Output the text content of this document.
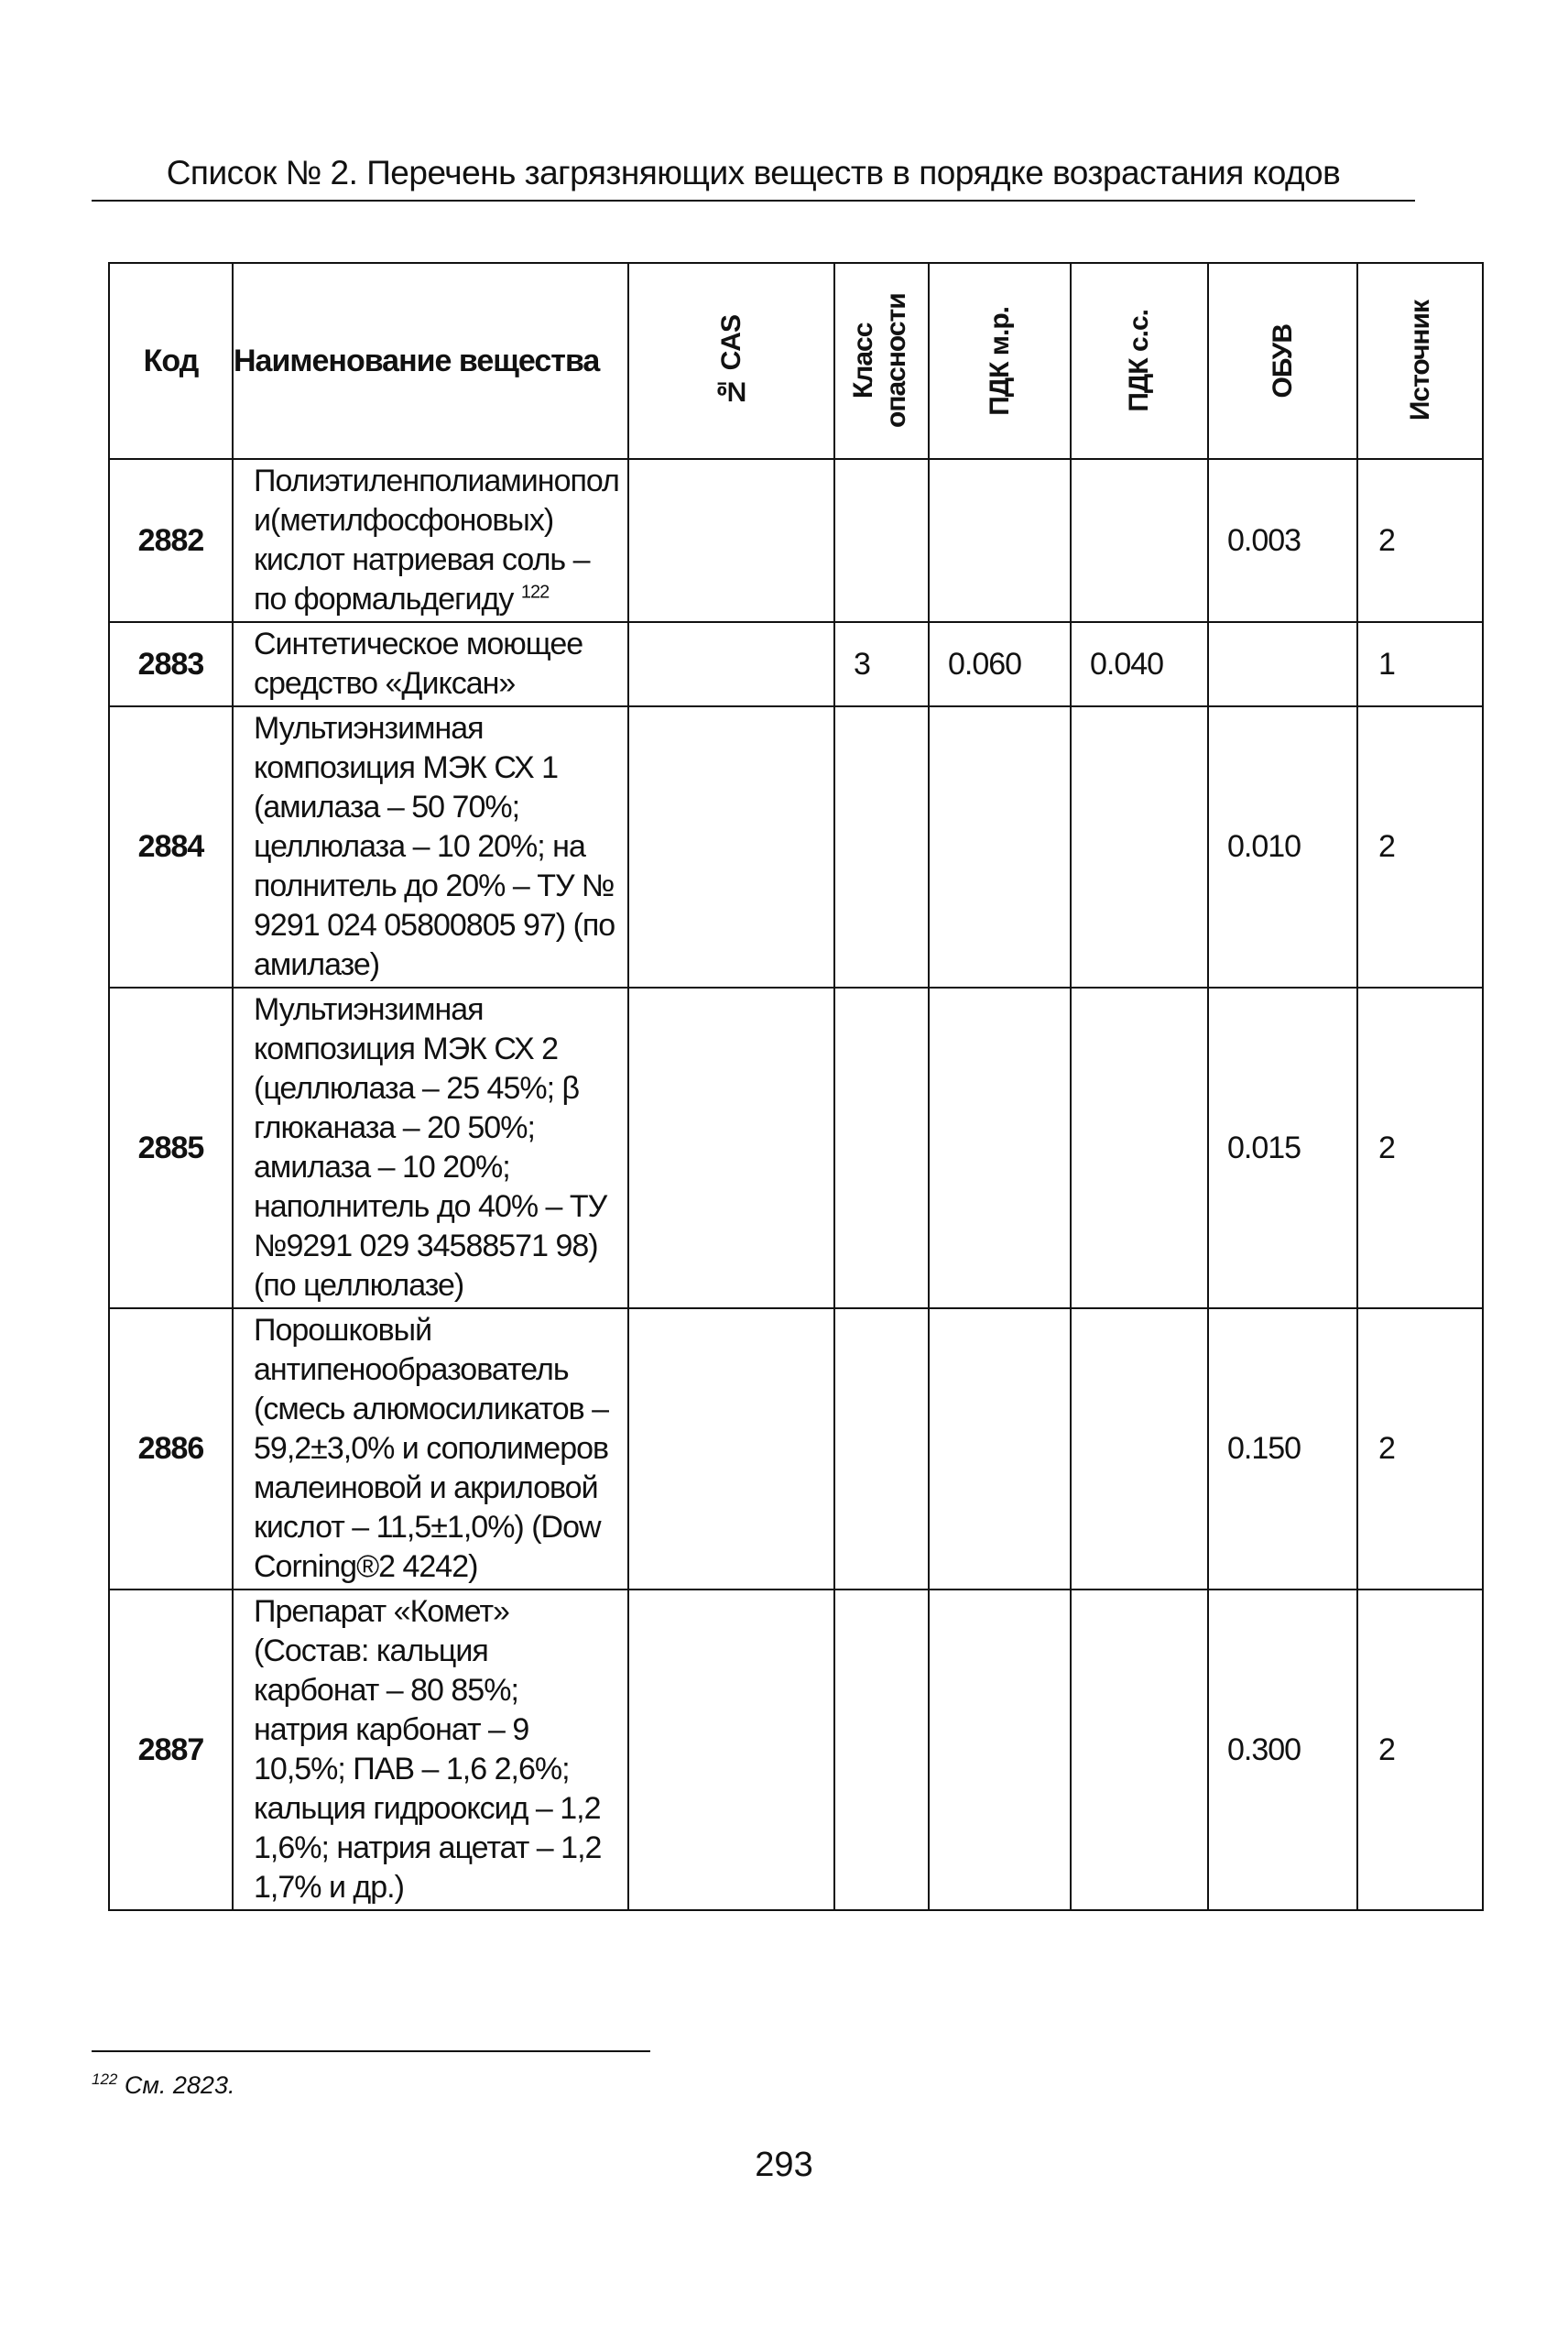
Список № 2. Перечень загрязняющих веществ в порядке возрастания кодов
Код	Наименование вещества	№ CAS	Класс опасности	ПДК м.р.	ПДК с.с.	ОБУВ	Источник

2882	Полиэтиленполиаминопол и(метилфосфоновых) кислот натриевая соль – по формальдегиду $^{122}$					0.003	2
2883	Синтетическое моющее средство «Диксан»		3	0.060	0.040		1
2884	Мультиэнзимная композиция МЭК СХ 1 (амилаза – 50 70%; целлюлаза – 10 20%; на полнитель до 20% – ТУ № 9291 024 05800805 97) (по амилазе)					0.010	2
2885	Мультиэнзимная композиция МЭК СХ 2 (целлюлаза – 25 45%; β глюканаза – 20 50%; амилаза – 10 20%; наполнитель до 40% – ТУ №9291 029 34588571 98) (по целлюлазе)					0.015	2
2886	Порошковый антипенообразователь (смесь алюмосиликатов – 59,2±3,0% и сополимеров малеиновой и акриловой кислот – 11,5±1,0%) (Dow Corning®2 4242)					0.150	2
2887	Препарат «Комет» (Состав: кальция карбонат – 80 85%; натрия карбонат – 9 10,5%; ПАВ – 1,6 2,6%; кальция гидрооксид – 1,2 1,6%; натрия ацетат – 1,2 1,7% и др.)					0.300	2
$^{122}$ См. 2823.
293
